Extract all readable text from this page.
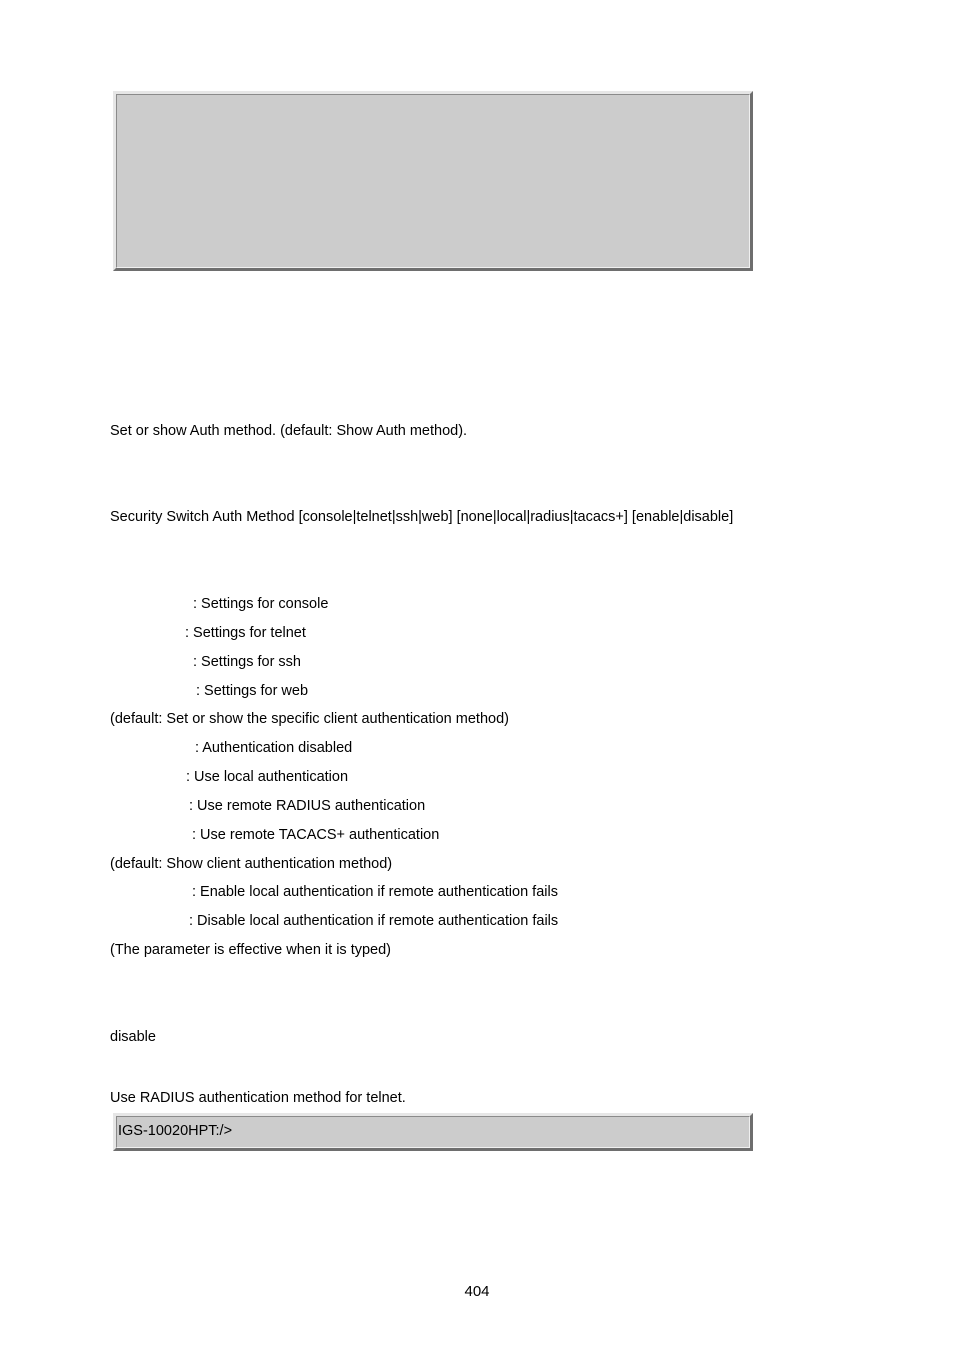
Set or show Auth method. (default: Show Auth method).
Security Switch Auth Method [console|telnet|ssh|web] [none|local|radius|tacacs+] [enable|disable]
: Settings for console
: Settings for telnet
: Settings for ssh
: Settings for web
(default: Set or show the specific client authentication method)
: Authentication disabled
: Use local authentication
: Use remote RADIUS authentication
: Use remote TACACS+ authentication
(default: Show client authentication method)
: Enable local authentication if remote authentication fails
: Disable local authentication if remote authentication fails
(The parameter is effective when it is typed)
disable
Use RADIUS authentication method for telnet.
IGS-10020HPT:/>
404
